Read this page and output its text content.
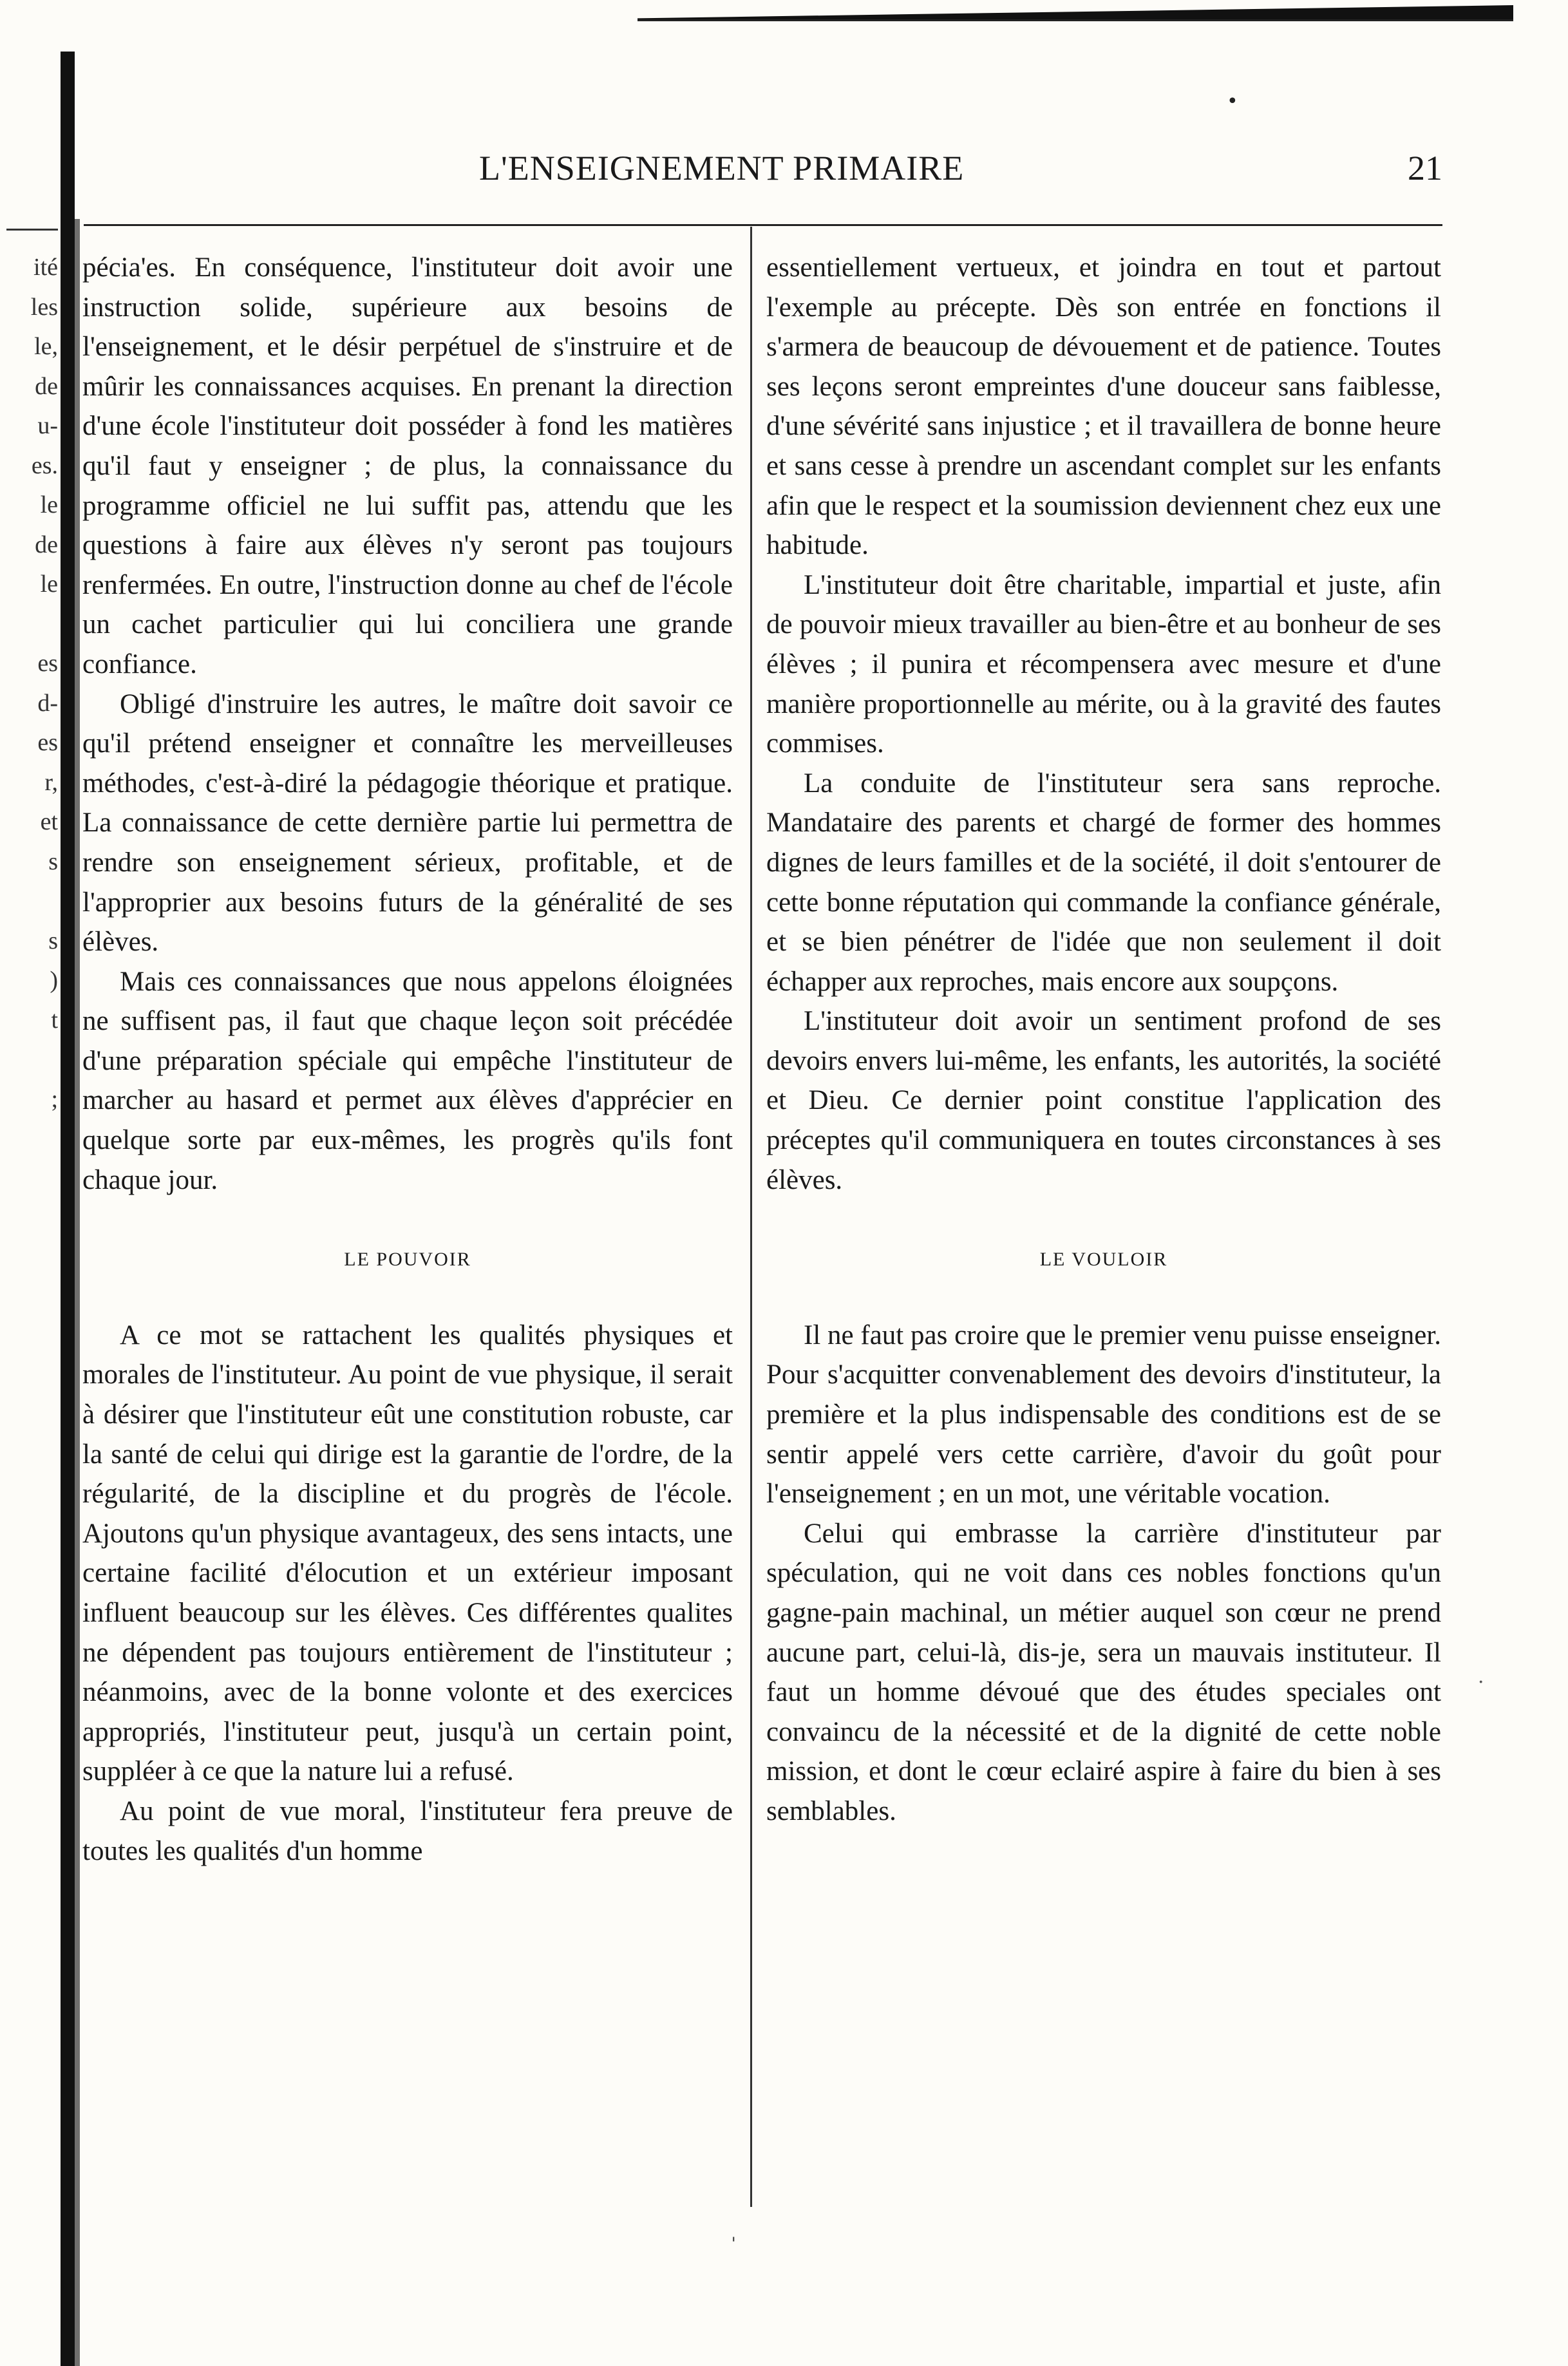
•
ité
les
le,
de
u-
es.
le
de
le

es
d-
es
r,
et
s

s
)
t

;
L'ENSEIGNEMENT PRIMAIRE	21

pécia'es. En conséquence, l'instituteur doit avoir une instruction solide, supérieure aux besoins de l'enseignement, et le désir perpétuel de s'instruire et de mûrir les connaissances acquises. En prenant la direction d'une école l'instituteur doit posséder à fond les matières qu'il faut y enseigner ; de plus, la connaissance du programme officiel ne lui suffit pas, attendu que les questions à faire aux élèves n'y seront pas toujours renfermées. En outre, l'instruction donne au chef de l'école un cachet particulier qui lui conciliera une grande confiance.

Obligé d'instruire les autres, le maître doit savoir ce qu'il prétend enseigner et connaître les merveilleuses méthodes, c'est-à-diré la pédagogie théorique et pratique. La connaissance de cette dernière partie lui permettra de rendre son enseignement sérieux, profitable, et de l'approprier aux besoins futurs de la généralité de ses élèves.

Mais ces connaissances que nous appelons éloignées ne suffisent pas, il faut que chaque leçon soit précédée d'une préparation spéciale qui empêche l'instituteur de marcher au hasard et permet aux élèves d'apprécier en quelque sorte par eux-mêmes, les progrès qu'ils font chaque jour.

LE POUVOIR

A ce mot se rattachent les qualités physiques et morales de l'instituteur. Au point de vue physique, il serait à désirer que l'instituteur eût une constitution robuste, car la santé de celui qui dirige est la garantie de l'ordre, de la régularité, de la discipline et du progrès de l'école. Ajoutons qu'un physique avantageux, des sens intacts, une certaine facilité d'élocution et un extérieur imposant influent beaucoup sur les élèves. Ces différentes qualites ne dépendent pas toujours entièrement de l'instituteur ; néanmoins, avec de la bonne volonte et des exercices appropriés, l'instituteur peut, jusqu'à un certain point, suppléer à ce que la nature lui a refusé.

Au point de vue moral, l'instituteur fera preuve de toutes les qualités d'un homme

essentiellement vertueux, et joindra en tout et partout l'exemple au précepte. Dès son entrée en fonctions il s'armera de beaucoup de dévouement et de patience. Toutes ses leçons seront empreintes d'une douceur sans faiblesse, d'une sévérité sans injustice ; et il travaillera de bonne heure et sans cesse à prendre un ascendant complet sur les enfants afin que le respect et la soumission deviennent chez eux une habitude.

L'instituteur doit être charitable, impartial et juste, afin de pouvoir mieux travailler au bien-être et au bonheur de ses élèves ; il punira et récompensera avec mesure et d'une manière proportionnelle au mérite, ou à la gravité des fautes commises.

La conduite de l'instituteur sera sans reproche. Mandataire des parents et chargé de former des hommes dignes de leurs familles et de la société, il doit s'entourer de cette bonne réputation qui commande la confiance générale, et se bien pénétrer de l'idée que non seulement il doit échapper aux reproches, mais encore aux soupçons.

L'instituteur doit avoir un sentiment profond de ses devoirs envers lui-même, les enfants, les autorités, la société et Dieu. Ce dernier point constitue l'application des préceptes qu'il communiquera en toutes circonstances à ses élèves.

LE VOULOIR

Il ne faut pas croire que le premier venu puisse enseigner. Pour s'acquitter convenablement des devoirs d'instituteur, la première et la plus indispensable des conditions est de se sentir appelé vers cette carrière, d'avoir du goût pour l'enseignement ; en un mot, une véritable vocation.

Celui qui embrasse la carrière d'instituteur par spéculation, qui ne voit dans ces nobles fonctions qu'un gagne-pain machinal, un métier auquel son cœur ne prend aucune part, celui-là, dis-je, sera un mauvais instituteur. Il faut un homme dévoué que des études speciales ont convaincu de la nécessité et de la dignité de cette noble mission, et dont le cœur eclairé aspire à faire du bien à ses semblables.

ˌ
·
